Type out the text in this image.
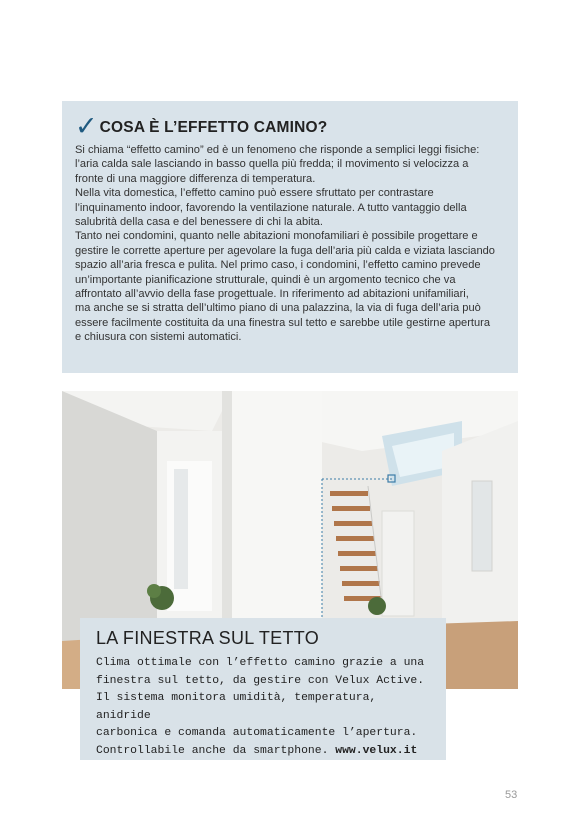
✓ COSA È L’EFFETTO CAMINO?

Si chiama “effetto camino” ed è un fenomeno che risponde a semplici leggi fisiche:

l’aria calda sale lasciando in basso quella più fredda; il movimento si velocizza a

fronte di una maggiore differenza di temperatura.

Nella vita domestica, l’effetto camino può essere sfruttato per contrastare

l’inquinamento indoor, favorendo la ventilazione naturale. A tutto vantaggio della

salubrità della casa e del benessere di chi la abita.

Tanto nei condomini, quanto nelle abitazioni monofamiliari è possibile progettare e

gestire le corrette aperture per agevolare la fuga dell’aria più calda e viziata lasciando

spazio all’aria fresca e pulita. Nel primo caso, i condomini, l’effetto camino prevede

un’importante pianificazione strutturale, quindi è un argomento tecnico che va

affrontato all’avvio della fase progettuale. In riferimento ad abitazioni unifamiliari,

ma anche se si stratta dell’ultimo piano di una palazzina, la via di fuga dell’aria può

essere facilmente costituita da una finestra sul tetto e sarebbe utile gestirne apertura

e chiusura con sistemi automatici.

LA FINESTRA SUL TETTO

Clima ottimale con l’effetto camino grazie a una

finestra sul tetto, da gestire con Velux Active.

Il sistema monitora umidità, temperatura, anidride

carbonica e comanda automaticamente l’apertura.

Controllabile anche da smartphone. www.velux.it

53
